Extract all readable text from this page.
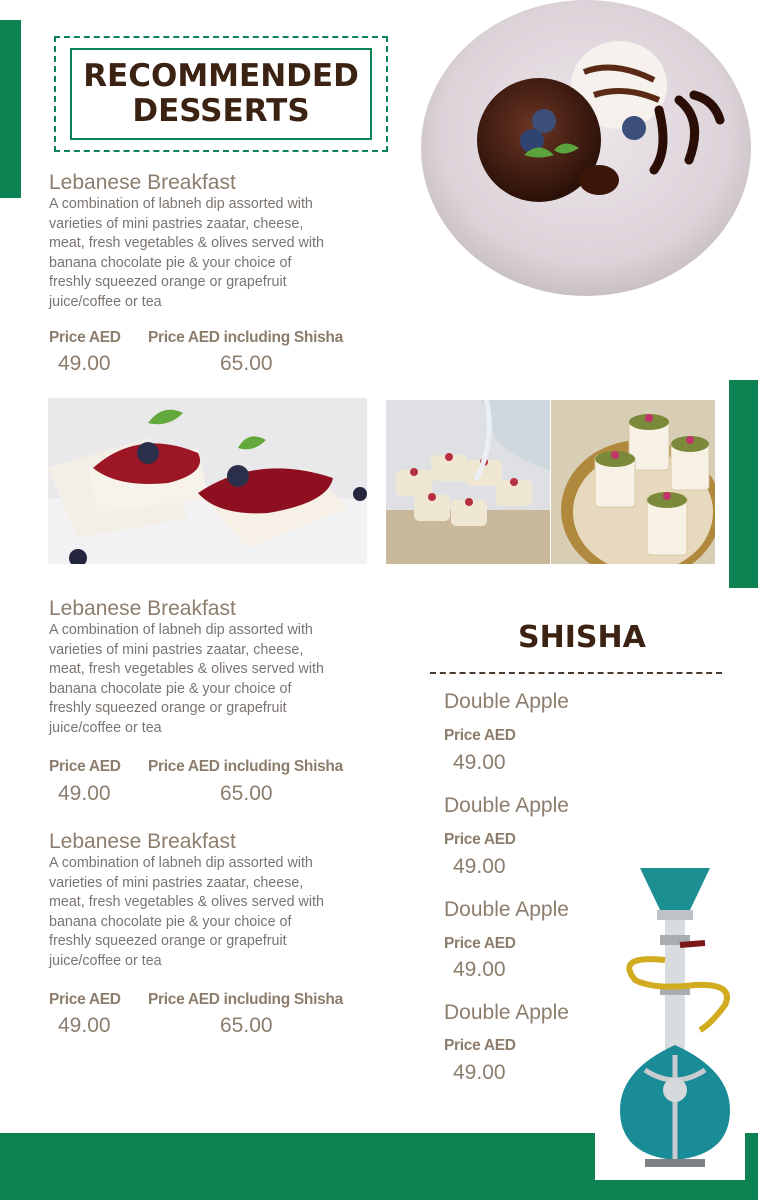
RECOMMENDED
DESSERTS
Lebanese Breakfast
A combination of labneh dip assorted with
varieties of mini pastries zaatar, cheese,
meat, fresh vegetables & olives served with
banana chocolate pie & your choice of
freshly squeezed orange or grapefruit
juice/coffee or tea
Price AED Price AED including Shisha
49.00	65.00
Lebanese Breakfast
A combination of labneh dip assorted with
varieties of mini pastries zaatar, cheese,
meat, fresh vegetables & olives served with
banana chocolate pie & your choice of
freshly squeezed orange or grapefruit
juice/coffee or tea
Price AED Price AED including Shisha
49.00	65.00
Lebanese Breakfast
A combination of labneh dip assorted with
varieties of mini pastries zaatar, cheese,
meat, fresh vegetables & olives served with
banana chocolate pie & your choice of
freshly squeezed orange or grapefruit
juice/coffee or tea
Price AED Price AED including Shisha
49.00	65.00
SHISHA
Double Apple
Price AED
49.00
Double Apple
Price AED
49.00
Double Apple
Price AED
49.00
Double Apple
Price AED
49.00
